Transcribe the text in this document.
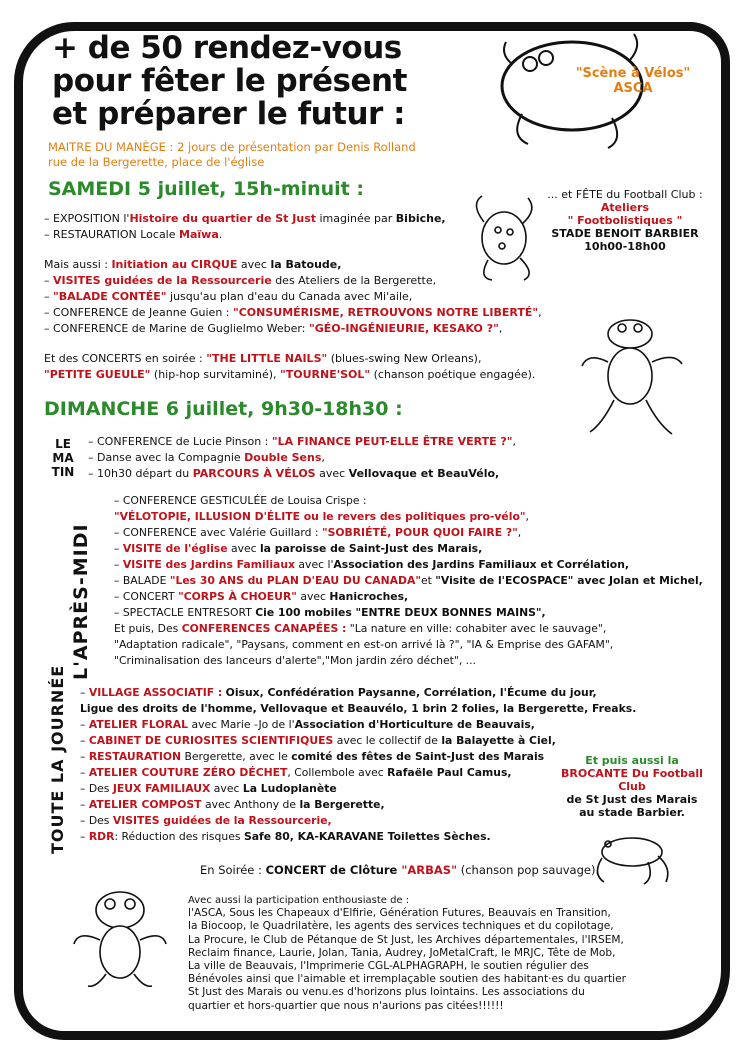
+ de 50 rendez-vous
pour fêter le présent
et préparer le futur :
"Scène à Vélos"
ASCA
MAITRE DU MANÈGE : 2 jours de présentation par Denis Rolland
rue de la Bergerette, place de l'église
SAMEDI 5 juillet, 15h-minuit :
– EXPOSITION l'Histoire du quartier de St Just imaginée par Bibiche,
– RESTAURATION Locale Maïwa.
Mais aussi : Initiation au CIRQUE avec la Batoude,
– VISITES guidées de la Ressourcerie des Ateliers de la Bergerette,
– "BALADE CONTÉE" jusqu'au plan d'eau du Canada avec Mi'aile,
– CONFERENCE de Jeanne Guien : "CONSUMÉRISME, RETROUVONS NOTRE LIBERTÉ",
– CONFERENCE de Marine de Guglielmo Weber: "GÉO-INGÉNIEURIE, KESAKO ?",
Et des CONCERTS en soirée : "THE LITTLE NAILS" (blues-swing New Orleans),
"PETITE GUEULE" (hip-hop survitaminé), "TOURNE'SOL" (chanson poétique engagée).
... et FÊTE du Football Club :
Ateliers
" Footbolistiques "
STADE BENOIT BARBIER
10h00-18h00
DIMANCHE 6 juillet, 9h30-18h30 :
LE
MA
TIN
– CONFERENCE de Lucie Pinson : "LA FINANCE PEUT-ELLE ÊTRE VERTE ?",
– Danse avec la Compagnie Double Sens,
– 10h30 départ du PARCOURS À VÉLOS avec Vellovaque et BeauVélo,
L'APRÈS-MIDI
– CONFERENCE GESTICULÉE de Louisa Crispe :
"VÉLOTOPIE, ILLUSION D'ÉLITE ou le revers des politiques pro-vélo",
– CONFERENCE avec Valérie Guillard : "SOBRIÉTÉ, POUR QUOI FAIRE ?",
– VISITE de l'église avec la paroisse de Saint-Just des Marais,
– VISITE des Jardins Familiaux avec l'Association des Jardins Familiaux et Corrélation,
– BALADE "Les 30 ANS du PLAN D'EAU DU CANADA"et "Visite de l'ECOSPACE" avec Jolan et Michel,
– CONCERT "CORPS À CHOEUR" avec Hanicroches,
– SPECTACLE ENTRESORT Cie 100 mobiles "ENTRE DEUX BONNES MAINS",
Et puis, Des CONFERENCES CANAPÉES : "La nature en ville: cohabiter avec le sauvage",
"Adaptation radicale", "Paysans, comment en est-on arrivé là ?", "IA & Emprise des GAFAM",
"Criminalisation des lanceurs d'alerte","Mon jardin zéro déchet", ...
TOUTE LA JOURNÉE – VILLAGE ASSOCIATIF : Oisux, Confédération Paysanne, Corrélation, l'Écume du jour,
Ligue des droits de l'homme, Vellovaque et Beauvélo, 1 brin 2 folies, la Bergerette, Freaks.
– ATELIER FLORAL avec Marie -Jo de l'Association d'Horticulture de Beauvais,
– CABINET DE CURIOSITES SCIENTIFIQUES avec le collectif de la Balayette à Ciel,
– RESTAURATION Bergerette, avec le comité des fêtes de Saint-Just des Marais
– ATELIER COUTURE ZÉRO DÉCHET, Collembole avec Rafaële Paul Camus,
– Des JEUX FAMILIAUX avec La Ludoplanète
– ATELIER COMPOST avec Anthony de la Bergerette,
– Des VISITES guidées de la Ressourcerie,
– RDR: Réduction des risques Safe 80, KA-KARAVANE Toilettes Sèches.
Et puis aussi la
BROCANTE Du Football Club
de St Just des Marais
au stade Barbier.
En Soirée : CONCERT de Clôture "ARBAS" (chanson pop sauvage).
Avec aussi la participation enthousiaste de :
l'ASCA, Sous les Chapeaux d'Elfirie, Génération Futures, Beauvais en Transition,
la Biocoop, le Quadrilatère, les agents des services techniques et du copilotage,
La Procure, le Club de Pétanque de St Just, les Archives départementales, l'IRSEM,
Reclaim finance, Laurie, Jolan, Tania, Audrey, JoMetalCraft, le MRJC, Tête de Mob,
La ville de Beauvais, l'Imprimerie CGL-ALPHAGRAPH, le soutien régulier des
Bénévoles ainsi que l'aimable et irremplaçable soutien des habitant·es du quartier
St Just des Marais ou venu.es d'horizons plus lointains. Les associations du
quartier et hors-quartier que nous n'aurions pas citées!!!!!!
